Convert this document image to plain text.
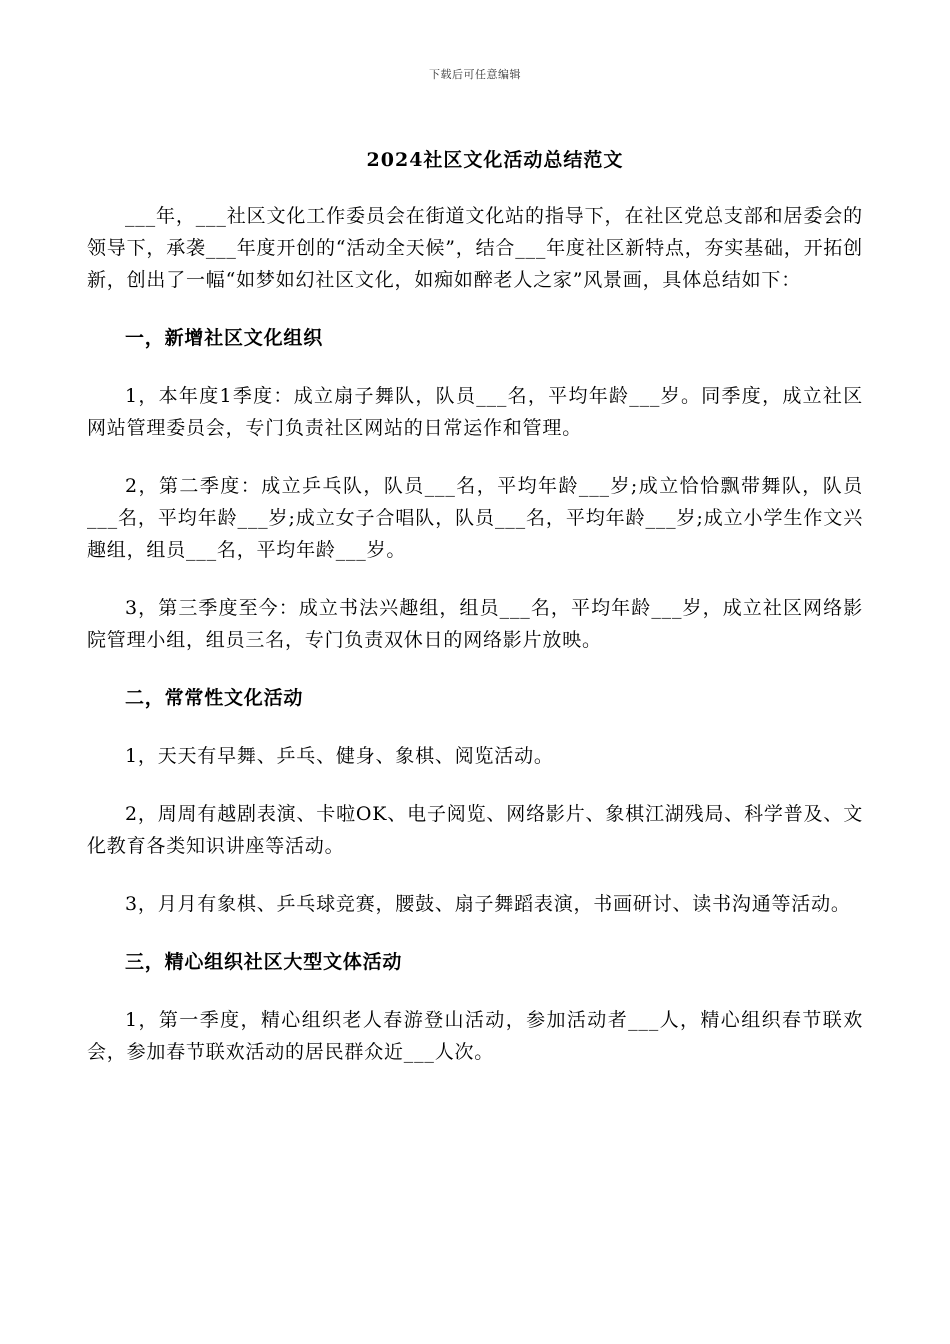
下载后可任意编辑
2024社区文化活动总结范文

___年，___社区文化工作委员会在街道文化站的指导下，在社区党总支部和居委会的领导下，承袭___年度开创的“活动全天候”，结合___年度社区新特点，夯实基础，开拓创新，创出了一幅“如梦如幻社区文化，如痴如醉老人之家”风景画，具体总结如下：

一，新增社区文化组织

1，本年度1季度：成立扇子舞队，队员___名，平均年龄___岁。同季度，成立社区网站管理委员会，专门负责社区网站的日常运作和管理。

2，第二季度：成立乒乓队，队员___名，平均年龄___岁;成立恰恰飘带舞队，队员___名，平均年龄___岁;成立女子合唱队，队员___名，平均年龄___岁;成立小学生作文兴趣组，组员___名，平均年龄___岁。

3，第三季度至今：成立书法兴趣组，组员___名，平均年龄___岁，成立社区网络影院管理小组，组员三名，专门负责双休日的网络影片放映。

二，常常性文化活动

1，天天有早舞、乒乓、健身、象棋、阅览活动。

2，周周有越剧表演、卡啦OK、电子阅览、网络影片、象棋江湖残局、科学普及、文化教育各类知识讲座等活动。

3，月月有象棋、乒乓球竞赛，腰鼓、扇子舞蹈表演，书画研讨、读书沟通等活动。

三，精心组织社区大型文体活动

1，第一季度，精心组织老人春游登山活动，参加活动者___人，精心组织春节联欢会，参加春节联欢活动的居民群众近___人次。
